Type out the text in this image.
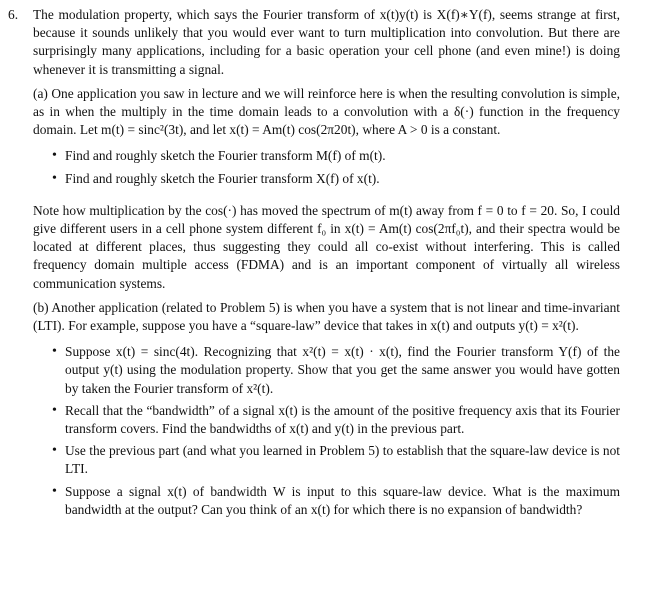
6. The modulation property, which says the Fourier transform of x(t)y(t) is X(f)∗Y(f), seems strange at first, because it sounds unlikely that you would ever want to turn multiplication into convolution. But there are surprisingly many applications, including for a basic operation your cell phone (and even mine!) is doing whenever it is transmitting a signal.

(a) One application you saw in lecture and we will reinforce here is when the resulting convolution is simple, as in when the multiply in the time domain leads to a convolution with a δ(·) function in the frequency domain. Let m(t) = sinc²(3t), and let x(t) = Am(t) cos(2π20t), where A > 0 is a constant.

• Find and roughly sketch the Fourier transform M(f) of m(t).
• Find and roughly sketch the Fourier transform X(f) of x(t).

Note how multiplication by the cos(·) has moved the spectrum of m(t) away from f = 0 to f = 20. So, I could give different users in a cell phone system different f₀ in x(t) = Am(t) cos(2πf₀t), and their spectra would be located at different places, thus suggesting they could all co-exist without interfering. This is called frequency domain multiple access (FDMA) and is an important component of virtually all wireless communication systems.

(b) Another application (related to Problem 5) is when you have a system that is not linear and time-invariant (LTI). For example, suppose you have a “square-law” device that takes in x(t) and outputs y(t) = x²(t).

• Suppose x(t) = sinc(4t). Recognizing that x²(t) = x(t) · x(t), find the Fourier transform Y(f) of the output y(t) using the modulation property. Show that you get the same answer you would have gotten by taken the Fourier transform of x²(t).
• Recall that the “bandwidth” of a signal x(t) is the amount of the positive frequency axis that its Fourier transform covers. Find the bandwidths of x(t) and y(t) in the previous part.
• Use the previous part (and what you learned in Problem 5) to establish that the square-law device is not LTI.
• Suppose a signal x(t) of bandwidth W is input to this square-law device. What is the maximum bandwidth at the output? Can you think of an x(t) for which there is no expansion of bandwidth?
